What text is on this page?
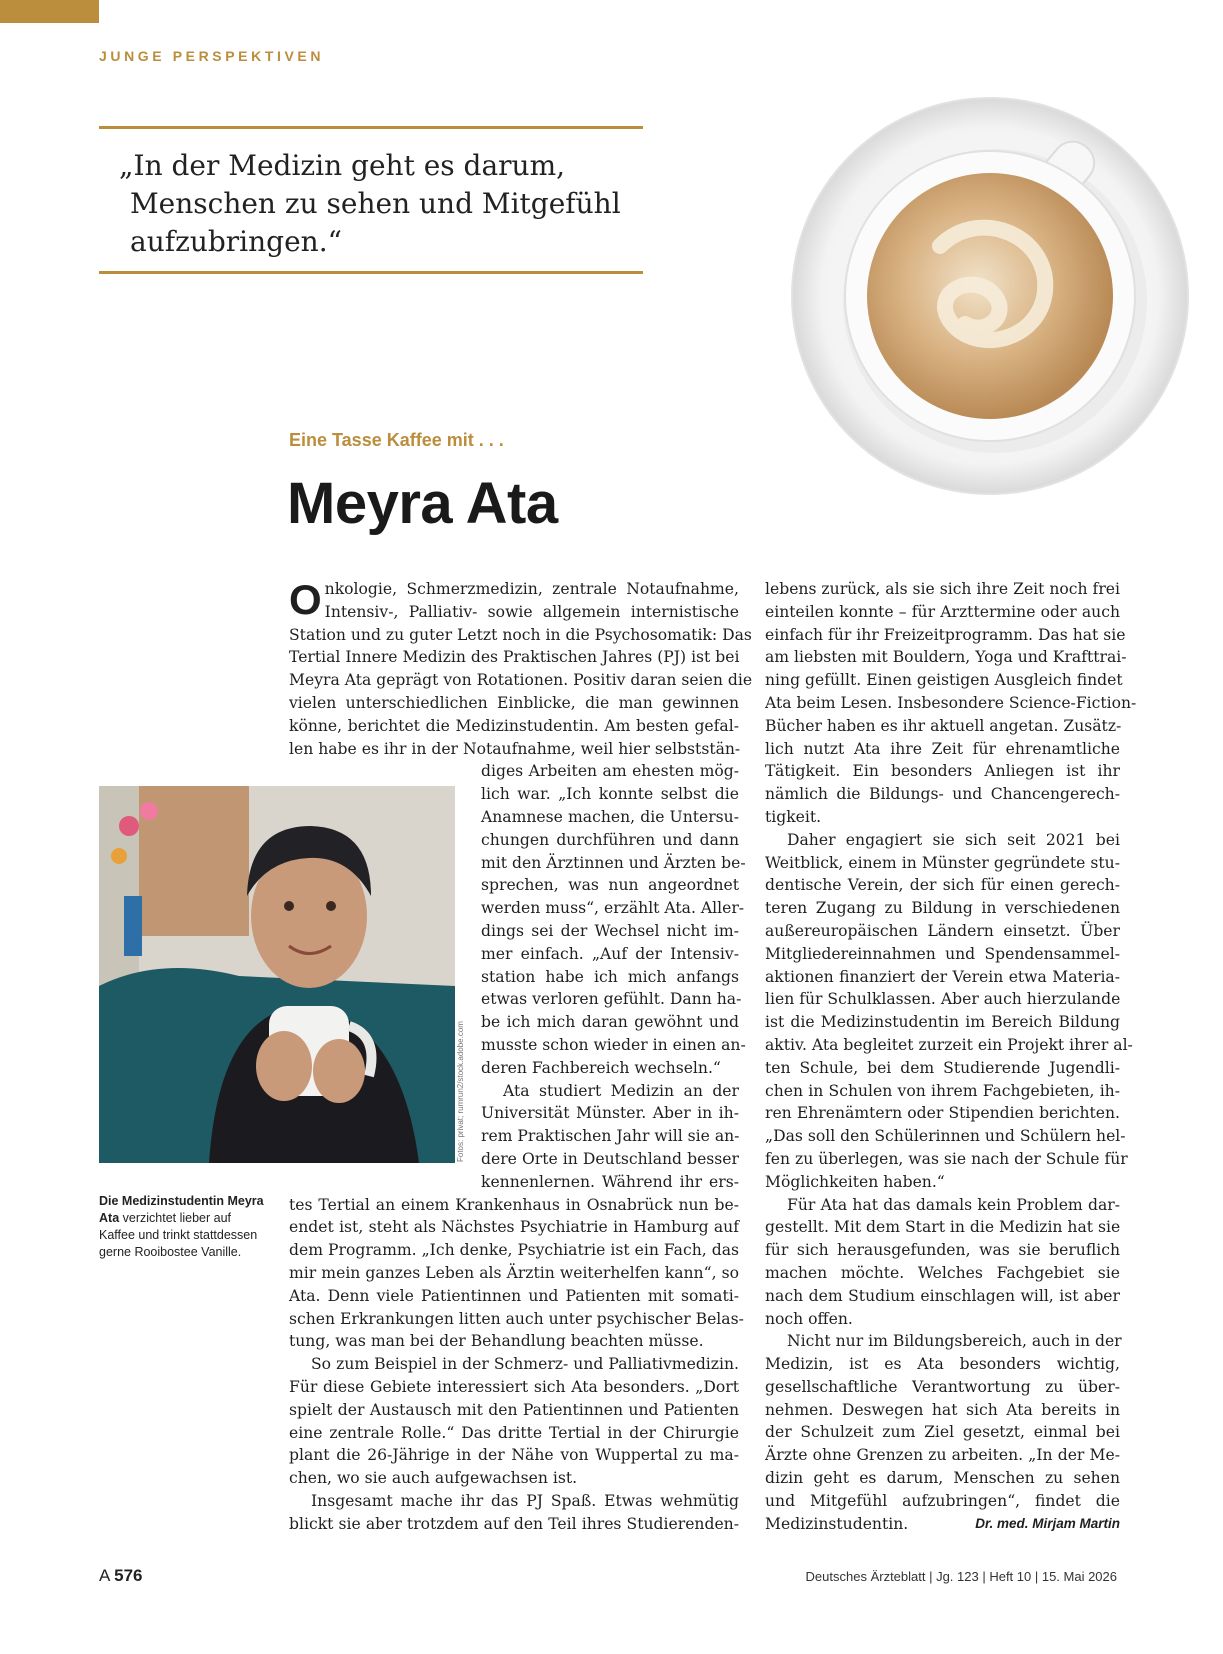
JUNGE PERSPEKTIVEN

„In der Medizin geht es darum,
Menschen zu sehen und Mitgefühl
aufzubringen.“

Eine Tasse Kaffee mit . . .
Meyra Ata
O nkologie, Schmerzmedizin, zentrale Notaufnahme,
Intensiv-, Palliativ- sowie allgemein internistische
Station und zu guter Letzt noch in die Psychosomatik: Das
Tertial Innere Medizin des Praktischen Jahres (PJ) ist bei
Meyra Ata geprägt von Rotationen. Positiv daran seien die
vielen unterschiedlichen Einblicke, die man gewinnen
könne, berichtet die Medizinstudentin. Am besten gefal-
len habe es ihr in der Notaufnahme, weil hier selbststän-
diges Arbeiten am ehesten mög-
lich war. „Ich konnte selbst die
Anamnese machen, die Untersu-
chungen durchführen und dann
mit den Ärztinnen und Ärzten be-
sprechen, was nun angeordnet
werden muss“, erzählt Ata. Aller-
dings sei der Wechsel nicht im-
mer einfach. „Auf der Intensiv-
station habe ich mich anfangs
etwas verloren gefühlt. Dann ha-
be ich mich daran gewöhnt und
musste schon wieder in einen an-
deren Fachbereich wechseln.“
Ata studiert Medizin an der
Universität Münster. Aber in ih-
rem Praktischen Jahr will sie an-
dere Orte in Deutschland besser
kennenlernen. Während ihr ers-
tes Tertial an einem Krankenhaus in Osnabrück nun be-
endet ist, steht als Nächstes Psychiatrie in Hamburg auf
dem Programm. „Ich denke, Psychiatrie ist ein Fach, das
mir mein ganzes Leben als Ärztin weiterhelfen kann“, so
Ata. Denn viele Patientinnen und Patienten mit somati-
schen Erkrankungen litten auch unter psychischer Belas-
tung, was man bei der Behandlung beachten müsse.
So zum Beispiel in der Schmerz- und Palliativmedizin.
Für diese Gebiete interessiert sich Ata besonders. „Dort
spielt der Austausch mit den Patientinnen und Patienten
eine zentrale Rolle.“ Das dritte Tertial in der Chirurgie
plant die 26-Jährige in der Nähe von Wuppertal zu ma-
chen, wo sie auch aufgewachsen ist.
Insgesamt mache ihr das PJ Spaß. Etwas wehmütig
blickt sie aber trotzdem auf den Teil ihres Studierenden-
lebens zurück, als sie sich ihre Zeit noch frei
einteilen konnte – für Arzttermine oder auch
einfach für ihr Freizeitprogramm. Das hat sie
am liebsten mit Bouldern, Yoga und Krafttrai-
ning gefüllt. Einen geistigen Ausgleich findet
Ata beim Lesen. Insbesondere Science-Fiction-
Bücher haben es ihr aktuell angetan. Zusätz-
lich nutzt Ata ihre Zeit für ehrenamtliche
Tätigkeit. Ein besonders Anliegen ist ihr
nämlich die Bildungs- und Chancengerech-
tigkeit.
Daher engagiert sie sich seit 2021 bei
Weitblick, einem in Münster gegründete stu-
dentische Verein, der sich für einen gerech-
teren Zugang zu Bildung in verschiedenen
außereuropäischen Ländern einsetzt. Über
Mitgliedereinnahmen und Spendensammel-
aktionen finanziert der Verein etwa Materia-
lien für Schulklassen. Aber auch hierzulande
ist die Medizinstudentin im Bereich Bildung
aktiv. Ata begleitet zurzeit ein Projekt ihrer al-
ten Schule, bei dem Studierende Jugendli-
chen in Schulen von ihrem Fachgebieten, ih-
ren Ehrenämtern oder Stipendien berichten.
„Das soll den Schülerinnen und Schülern hel-
fen zu überlegen, was sie nach der Schule für
Möglichkeiten haben.“
Für Ata hat das damals kein Problem dar-
gestellt. Mit dem Start in die Medizin hat sie
für sich herausgefunden, was sie beruflich
machen möchte. Welches Fachgebiet sie
nach dem Studium einschlagen will, ist aber
noch offen.
Nicht nur im Bildungsbereich, auch in der
Medizin, ist es Ata besonders wichtig,
gesellschaftliche Verantwortung zu über-
nehmen. Deswegen hat sich Ata bereits in
der Schulzeit zum Ziel gesetzt, einmal bei
Ärzte ohne Grenzen zu arbeiten. „In der Me-
dizin geht es darum, Menschen zu sehen
und Mitgefühl aufzubringen“, findet die
Medizinstudentin.	Dr. med. Mirjam Martin
Fotos: privat; rumrun2/stock.adobe.com
Die Medizinstudentin Meyra Ata verzichtet lieber auf Kaffee und trinkt stattdessen gerne Rooibostee Vanille.
A 576	Deutsches Ärzteblatt | Jg. 123 | Heft 10 | 15. Mai 2026
